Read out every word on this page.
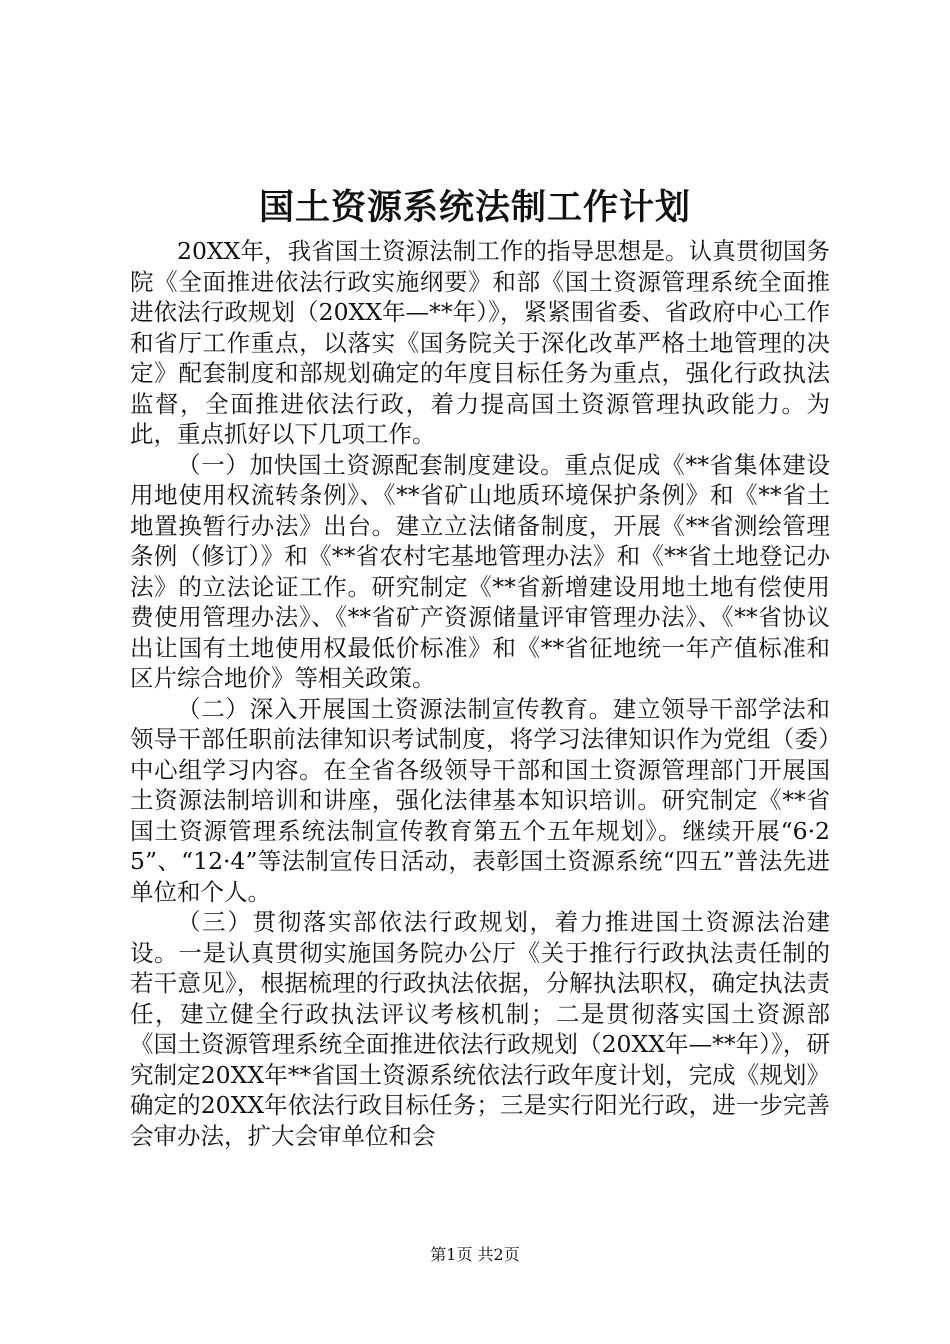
国土资源系统法制工作计划

20XX年，我省国土资源法制工作的指导思想是。认真贯彻国务院《全面推进依法行政实施纲要》和部《国土资源管理系统全面推进依法行政规划（20XX年—**年）》，紧紧围省委、省政府中心工作和省厅工作重点，以落实《国务院关于深化改革严格土地管理的决定》配套制度和部规划确定的年度目标任务为重点，强化行政执法监督，全面推进依法行政，着力提高国土资源管理执政能力。为此，重点抓好以下几项工作。

（一）加快国土资源配套制度建设。重点促成《**省集体建设用地使用权流转条例》、《**省矿山地质环境保护条例》和《**省土地置换暂行办法》出台。建立立法储备制度，开展《**省测绘管理条例（修订）》和《**省农村宅基地管理办法》和《**省土地登记办法》的立法论证工作。研究制定《**省新增建设用地土地有偿使用费使用管理办法》、《**省矿产资源储量评审管理办法》、《**省协议出让国有土地使用权最低价标准》和《**省征地统一年产值标准和区片综合地价》等相关政策。

（二）深入开展国土资源法制宣传教育。建立领导干部学法和领导干部任职前法律知识考试制度，将学习法律知识作为党组（委）中心组学习内容。在全省各级领导干部和国土资源管理部门开展国土资源法制培训和讲座，强化法律基本知识培训。研究制定《**省国土资源管理系统法制宣传教育第五个五年规划》。继续开展“6·25”、“12·4”等法制宣传日活动，表彰国土资源系统“四五”普法先进单位和个人。

（三）贯彻落实部依法行政规划，着力推进国土资源法治建设。一是认真贯彻实施国务院办公厅《关于推行行政执法责任制的若干意见》，根据梳理的行政执法依据，分解执法职权，确定执法责任，建立健全行政执法评议考核机制；二是贯彻落实国土资源部《国土资源管理系统全面推进依法行政规划（20XX年—**年）》，研究制定20XX年**省国土资源系统依法行政年度计划，完成《规划》确定的20XX年依法行政目标任务；三是实行阳光行政，进一步完善会审办法，扩大会审单位和会

第1页 共2页
